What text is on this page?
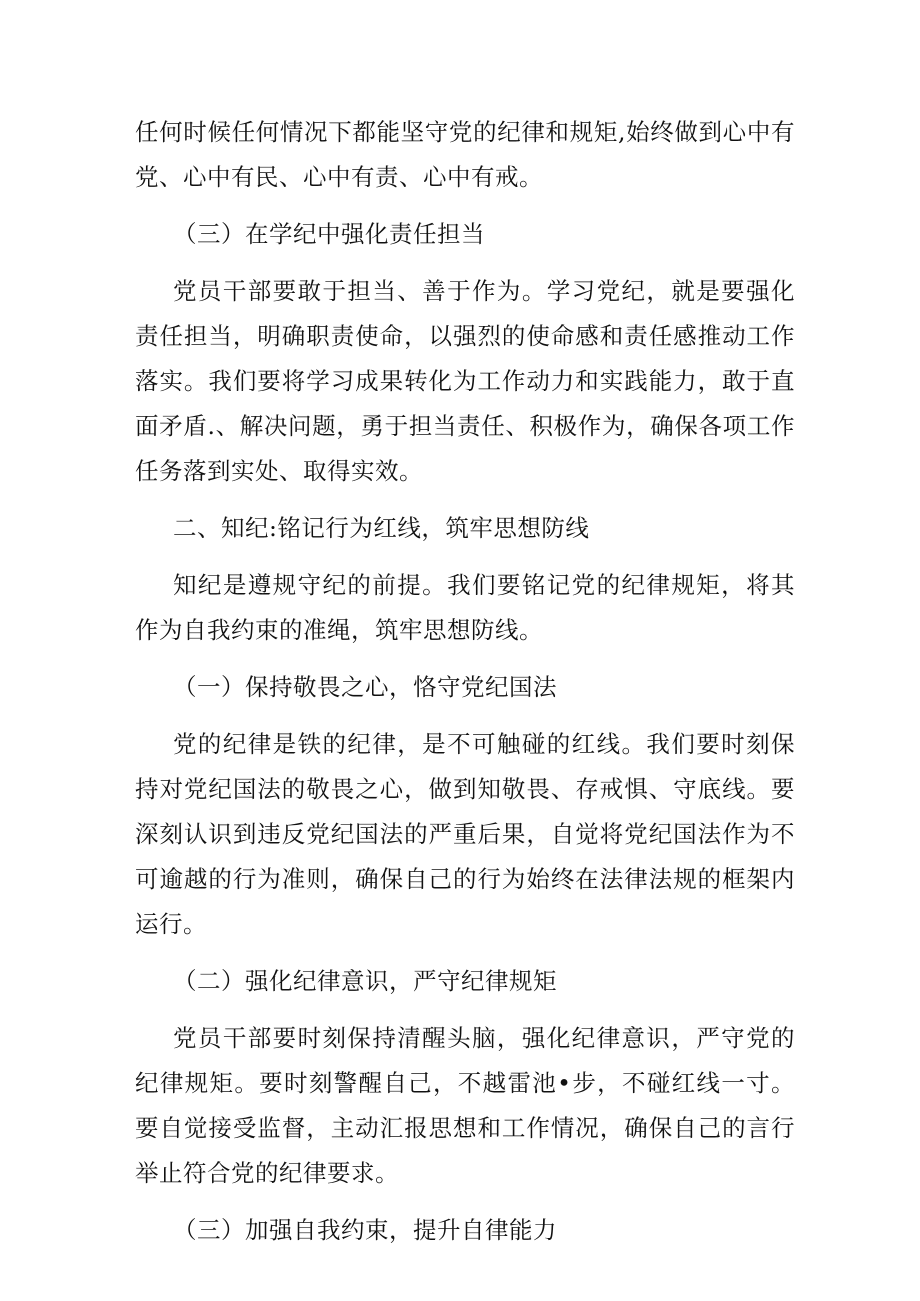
任何时候任何情况下都能坚守党的纪律和规矩,始终做到心中有党、心中有民、心中有责、心中有戒。

（三）在学纪中强化责任担当

党员干部要敢于担当、善于作为。学习党纪，就是要强化责任担当，明确职责使命，以强烈的使命感和责任感推动工作落实。我们要将学习成果转化为工作动力和实践能力，敢于直面矛盾.、解决问题，勇于担当责任、积极作为，确保各项工作任务落到实处、取得实效。

二、知纪:铭记行为红线，筑牢思想防线

知纪是遵规守纪的前提。我们要铭记党的纪律规矩，将其作为自我约束的准绳，筑牢思想防线。

（一）保持敬畏之心，恪守党纪国法

党的纪律是铁的纪律，是不可触碰的红线。我们要时刻保持对党纪国法的敬畏之心，做到知敬畏、存戒惧、守底线。要深刻认识到违反党纪国法的严重后果，自觉将党纪国法作为不可逾越的行为准则，确保自己的行为始终在法律法规的框架内运行。

（二）强化纪律意识，严守纪律规矩

党员干部要时刻保持清醒头脑，强化纪律意识，严守党的纪律规矩。要时刻警醒自己，不越雷池•步，不碰红线一寸。要自觉接受监督，主动汇报思想和工作情况，确保自己的言行举止符合党的纪律要求。

（三）加强自我约束，提升自律能力
